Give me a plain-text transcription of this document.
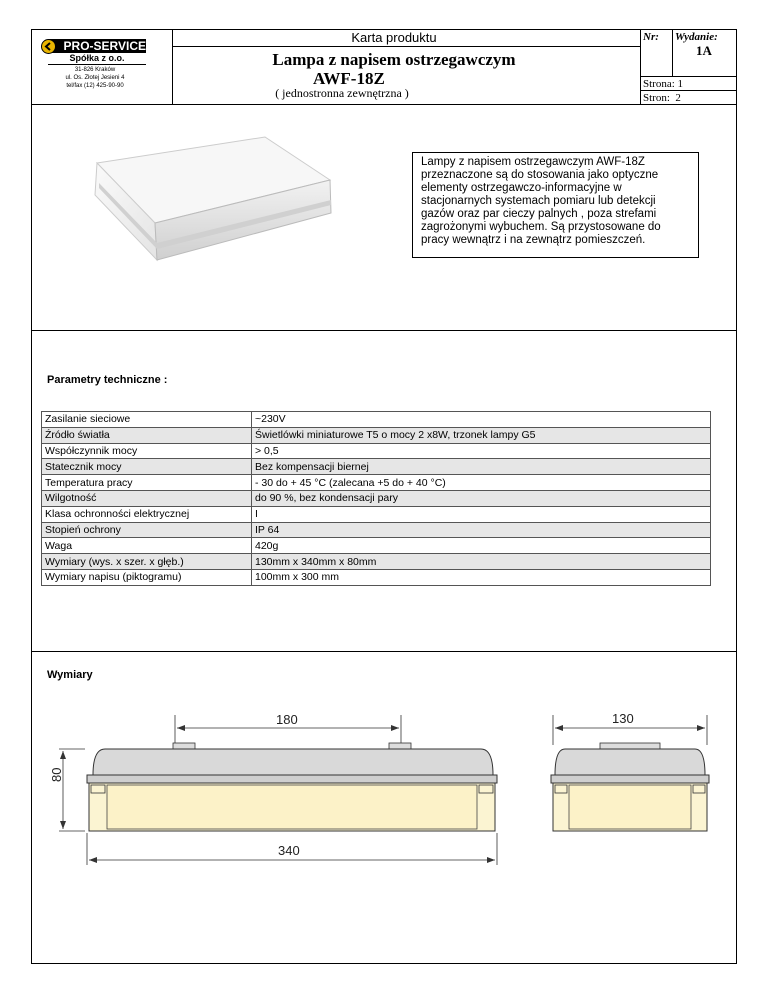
PRO-SERVICE
Spółka z o.o.
31-826 Kraków
ul. Os. Złotej Jesieni 4
tel/fax (12) 425-90-90
Karta produktu
Lampa z napisem ostrzegawczym
AWF-18Z
( jednostronna zewnętrzna )
Nr: Wydanie:
1A
Strona: 1
Stron:  2
Lampy z napisem ostrzegawczym AWF-18Z przeznaczone są do stosowania jako optyczne elementy ostrzegawczo-informacyjne w stacjonarnych systemach pomiaru lub detekcji gazów oraz par cieczy palnych , poza strefami zagrożonymi wybuchem. Są przystosowane do pracy wewnątrz i na zewnątrz pomieszczeń.
Parametry techniczne :
Zasilanie sieciowe	~230V
Źródło światła	Świetlówki miniaturowe T5 o mocy 2 x8W, trzonek lampy G5
Współczynnik mocy	> 0,5
Statecznik mocy	Bez kompensacji biernej
Temperatura pracy	- 30 do + 45 °C (zalecana +5 do + 40 °C)
Wilgotność	do 90 %, bez kondensacji pary
Klasa ochronności elektrycznej	I
Stopień ochrony	IP 64
Waga	420g
Wymiary (wys. x szer. x głęb.)	130mm x 340mm x 80mm
Wymiary napisu (piktogramu)	100mm x 300 mm
Wymiary
180
80
340
130
